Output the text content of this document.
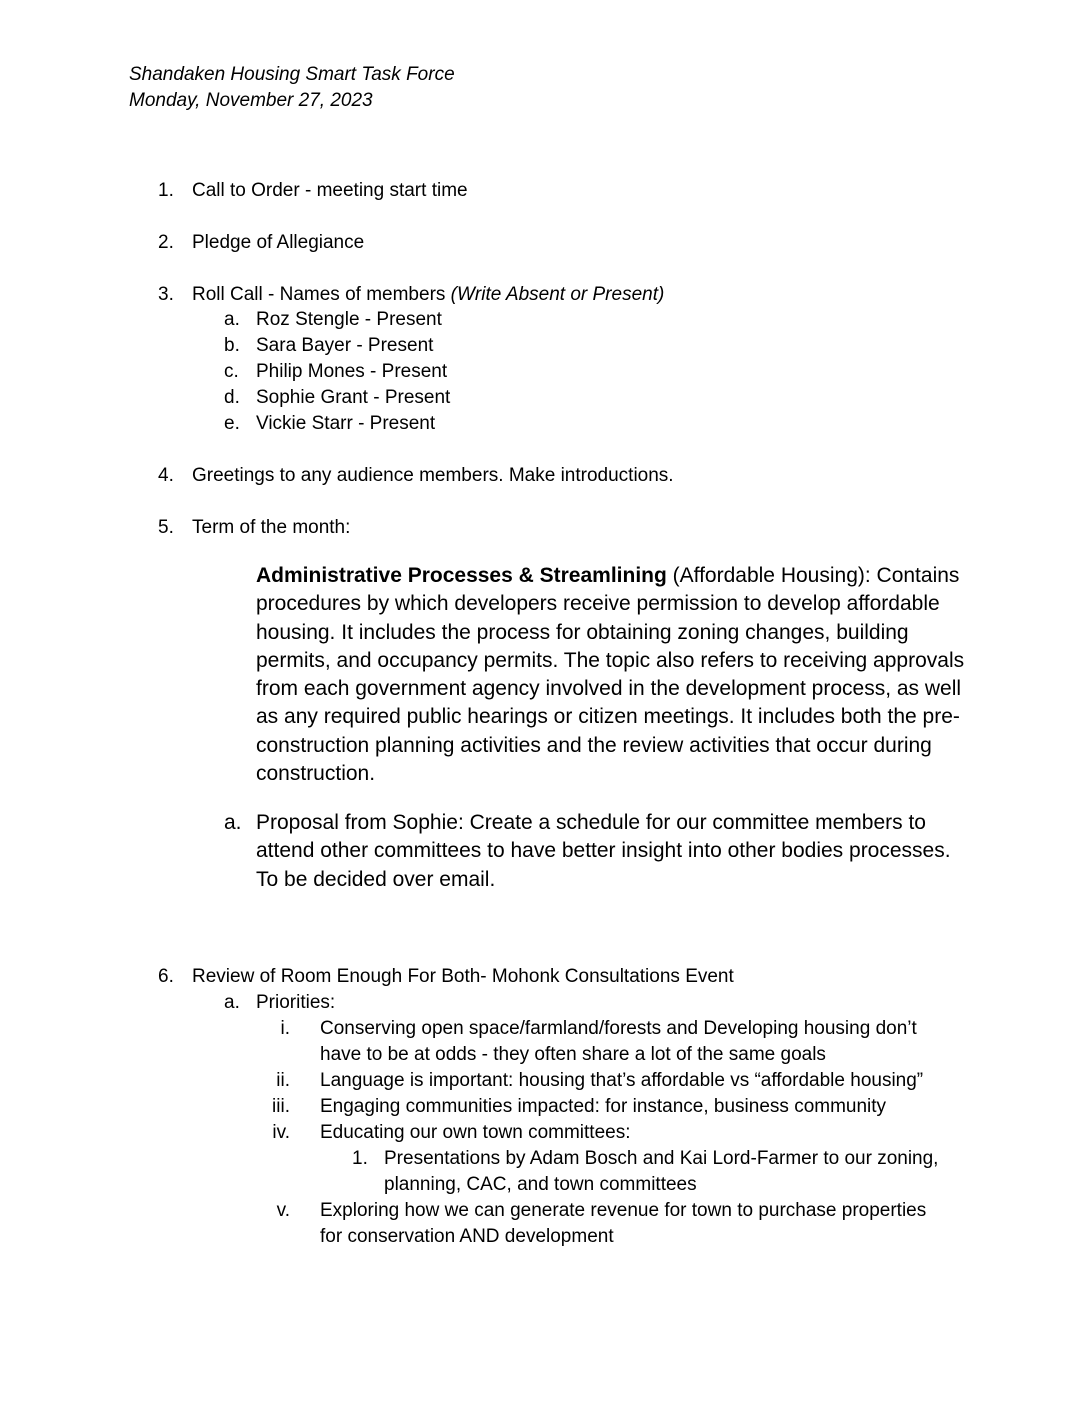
Shandaken Housing Smart Task Force
Monday, November 27, 2023
1. Call to Order - meeting start time
2. Pledge of Allegiance
3. Roll Call - Names of members (Write Absent or Present)
a. Roz Stengle - Present
b. Sara Bayer - Present
c. Philip Mones - Present
d. Sophie Grant - Present
e. Vickie Starr - Present
4. Greetings to any audience members. Make introductions.
5. Term of the month:
Administrative Processes & Streamlining (Affordable Housing): Contains procedures by which developers receive permission to develop affordable housing. It includes the process for obtaining zoning changes, building permits, and occupancy permits. The topic also refers to receiving approvals from each government agency involved in the development process, as well as any required public hearings or citizen meetings. It includes both the pre-construction planning activities and the review activities that occur during construction.
a. Proposal from Sophie: Create a schedule for our committee members to attend other committees to have better insight into other bodies processes. To be decided over email.
6. Review of Room Enough For Both- Mohonk Consultations Event
a. Priorities:
i. Conserving open space/farmland/forests and Developing housing don’t
have to be at odds - they often share a lot of the same goals
ii. Language is important: housing that’s affordable vs “affordable housing”
iii. Engaging communities impacted: for instance, business community
iv. Educating our own town committees:
1. Presentations by Adam Bosch and Kai Lord-Farmer to our zoning,
planning, CAC, and town committees
v. Exploring how we can generate revenue for town to purchase properties
for conservation AND development
